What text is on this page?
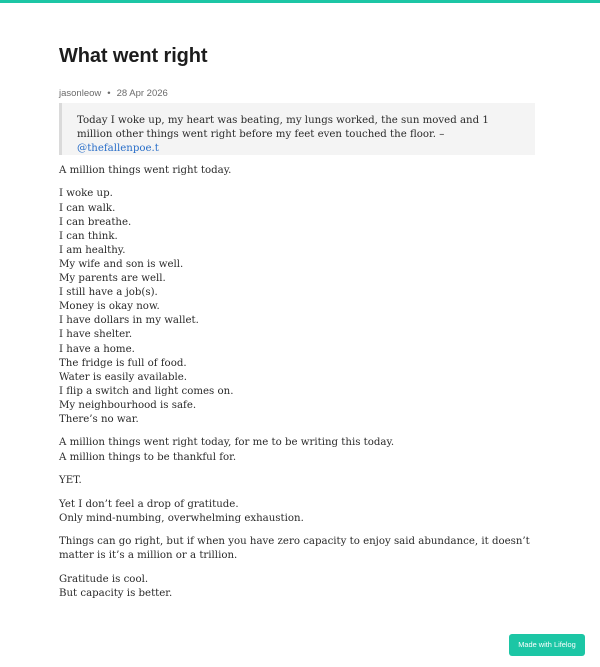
What went right
jasonleow • 28 Apr 2026
Today I woke up, my heart was beating, my lungs worked, the sun moved and 1 million other things went right before my feet even touched the floor. – @thefallenpoe.t

A million things went right today.

I woke up.
I can walk.
I can breathe.
I can think.
I am healthy.
My wife and son is well.
My parents are well.
I still have a job(s).
Money is okay now.
I have dollars in my wallet.
I have shelter.
I have a home.
The fridge is full of food.
Water is easily available.
I flip a switch and light comes on.
My neighbourhood is safe.
There’s no war.

A million things went right today, for me to be writing this today.
A million things to be thankful for.

YET.

Yet I don’t feel a drop of gratitude.
Only mind-numbing, overwhelming exhaustion.

Things can go right, but if when you have zero capacity to enjoy said abundance, it doesn’t matter is it’s a million or a trillion.

Gratitude is cool.
But capacity is better.

Made with Lifelog
